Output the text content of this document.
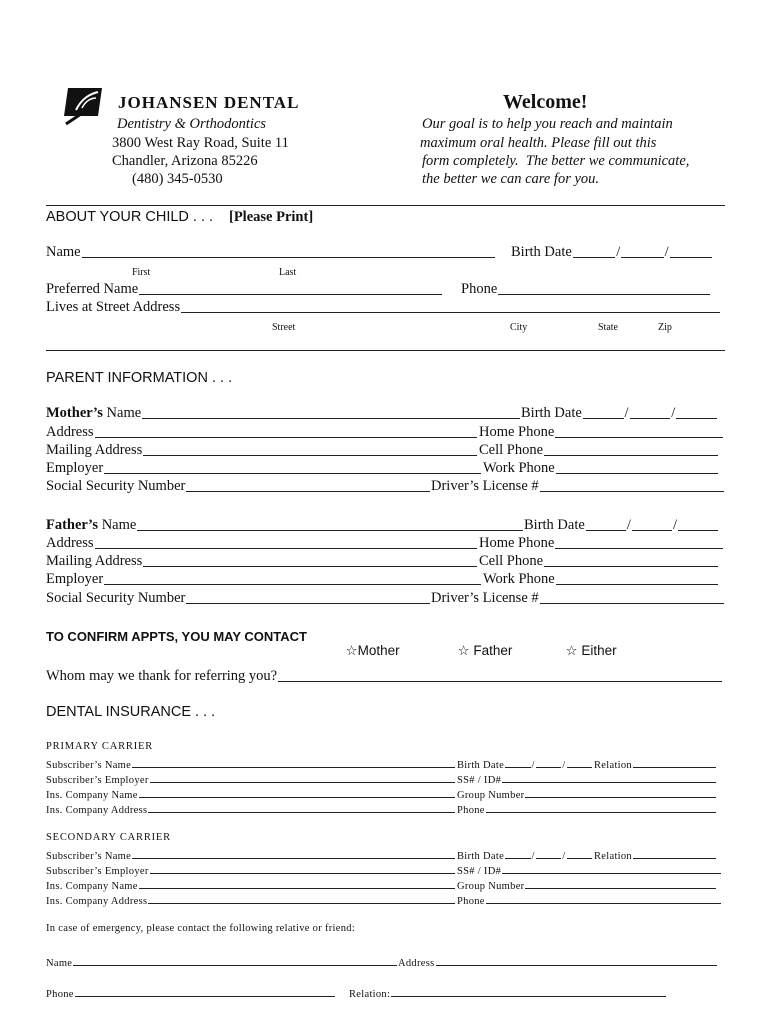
JOHANSEN DENTAL
Dentistry & Orthodontics
3800 West Ray Road, Suite 11
Chandler, Arizona 85226
(480) 345-0530
Welcome!
Our goal is to help you reach and maintain
maximum oral health. Please fill out this
form completely.  The better we communicate,
the better we can care for you.
ABOUT YOUR CHILD . . . [Please Print]
Name	Birth Date	/	/
First	Last
Preferred Name	Phone
Lives at Street Address
Street	City	State	Zip
PARENT INFORMATION . . .
Mother’s Name	Birth Date	/	/
Address	Home Phone
Mailing Address	Cell Phone
Employer	Work Phone
Social Security Number	Driver’s License #
Father’s Name	Birth Date	/	/
Address	Home Phone
Mailing Address	Cell Phone
Employer	Work Phone
Social Security Number	Driver’s License #
TO CONFIRM APPTS, YOU MAY CONTACT

☆Mother	☆ Father	☆ Either

Whom may we thank for referring you?
DENTAL INSURANCE . . .
PRIMARY CARRIER
Subscriber’s Name	Birth Date	/	/	Relation
Subscriber’s Employer	SS# / ID#
Ins. Company Name	Group Number
Ins. Company Address	Phone
SECONDARY CARRIER
Subscriber’s Name	Birth Date	/	/	Relation
Subscriber’s Employer	SS# / ID#
Ins. Company Name	Group Number
Ins. Company Address	Phone
In case of emergency, please contact the following relative or friend:
Name	Address
Phone	Relation:
